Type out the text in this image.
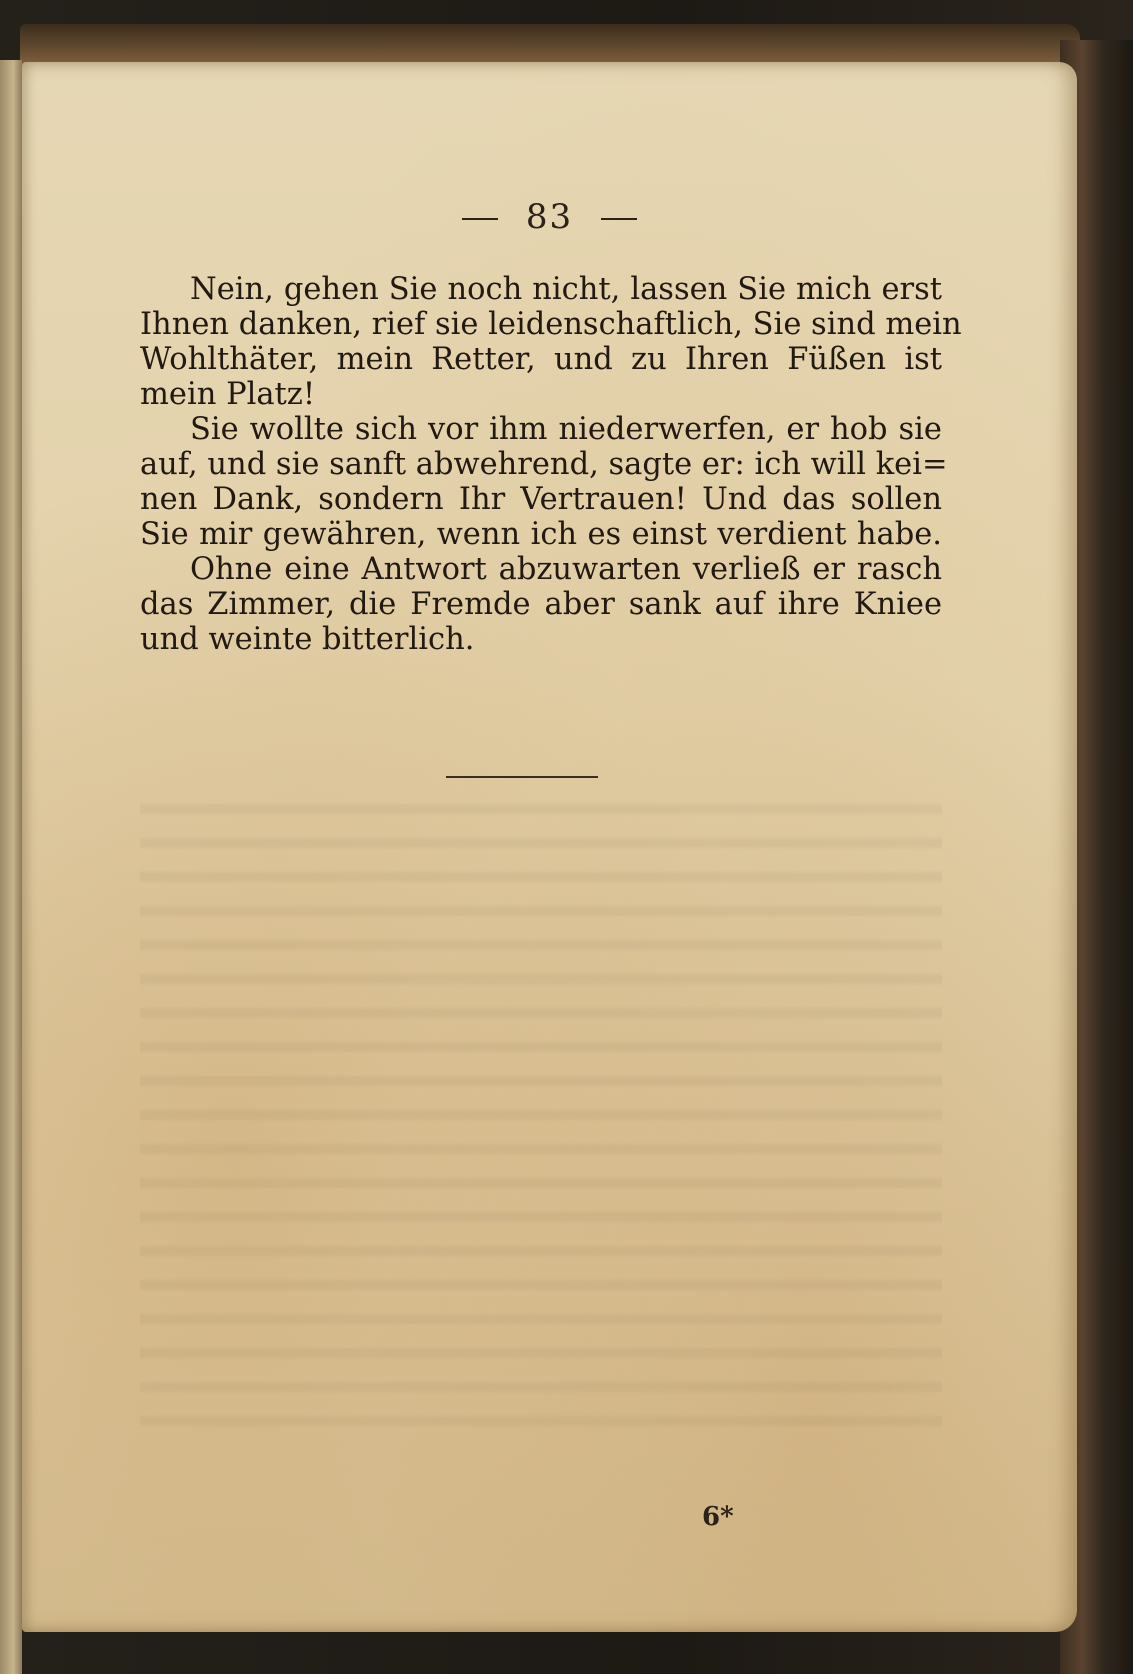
83
Nein, gehen Sie noch nicht, lassen Sie mich erst
Ihnen danken, rief sie leidenschaftlich, Sie sind mein
Wohlthäter, mein Retter, und zu Ihren Füßen ist
mein Platz!
Sie wollte sich vor ihm niederwerfen, er hob sie
auf, und sie sanft abwehrend, sagte er: ich will kei=
nen Dank, sondern Ihr Vertrauen! Und das sollen
Sie mir gewähren, wenn ich es einst verdient habe.
Ohne eine Antwort abzuwarten verließ er rasch
das Zimmer, die Fremde aber sank auf ihre Kniee
und weinte bitterlich.
6*
